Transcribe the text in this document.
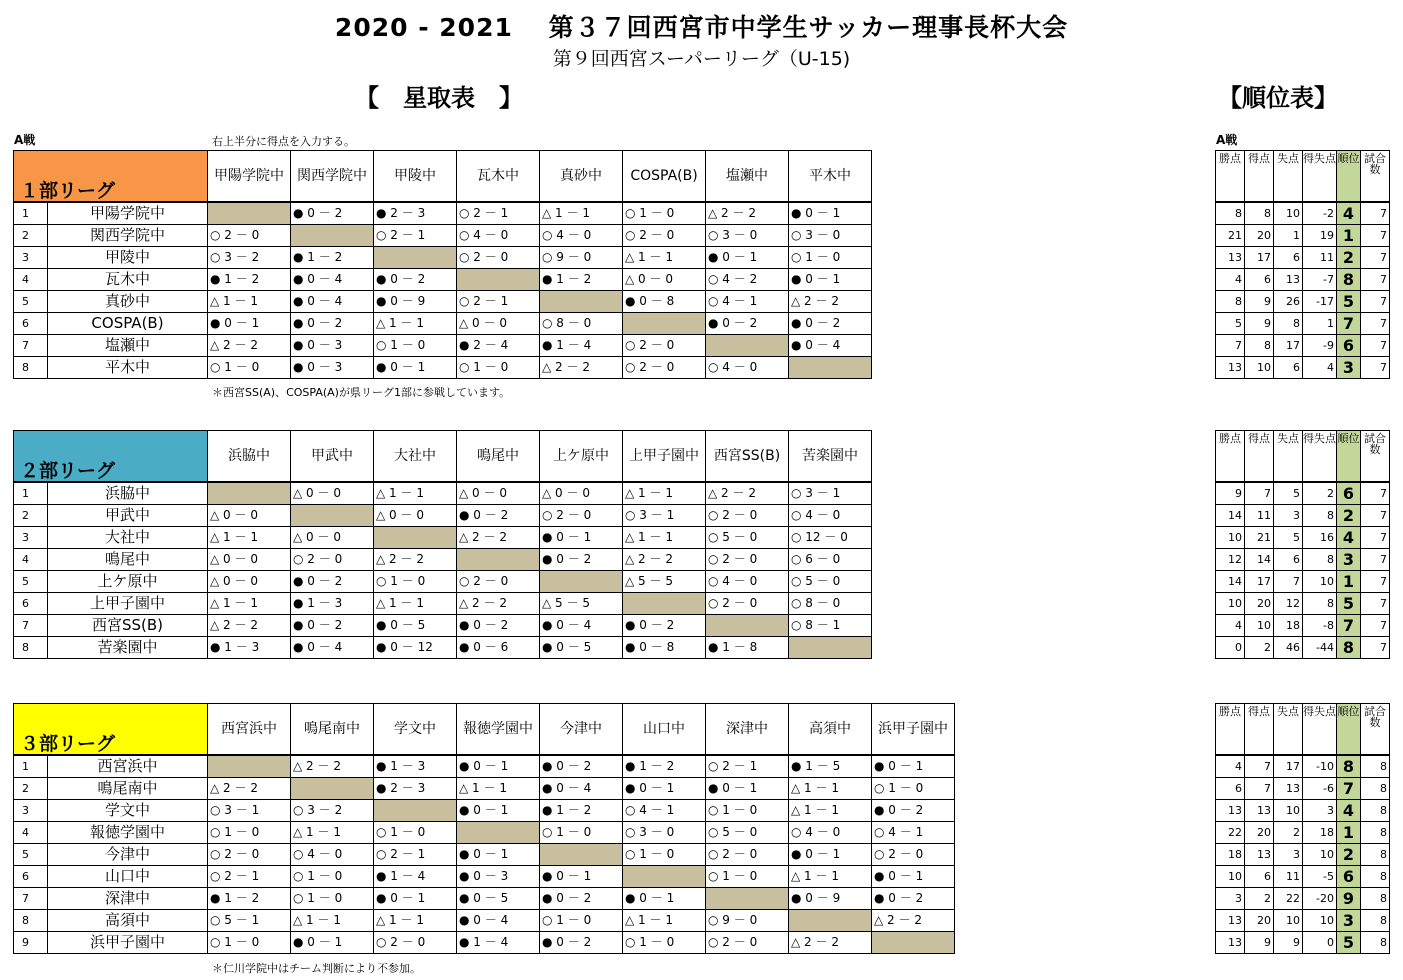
2020 - 2021　 第３７回西宮市中学生サッカー理事長杯大会
第９回西宮スーパーリーグ（U-15)
【　星取表　】	【順位表】
A戦	右上半分に得点を入力する。	A戦
１部リーグ		甲陽学院中	関西学院中	甲陵中	瓦木中	真砂中	COSPA(B)	塩瀬中	平木中
1	甲陽学院中		● 0 － 2	● 2 － 3	○ 2 － 1	△ 1 － 1	○ 1 － 0	△ 2 － 2	● 0 － 1
2	関西学院中	○ 2 － 0		○ 2 － 1	○ 4 － 0	○ 4 － 0	○ 2 － 0	○ 3 － 0	○ 3 － 0
3	甲陵中	○ 3 － 2	● 1 － 2		○ 2 － 0	○ 9 － 0	△ 1 － 1	● 0 － 1	○ 1 － 0
4	瓦木中	● 1 － 2	● 0 － 4	● 0 － 2		● 1 － 2	△ 0 － 0	○ 4 － 2	● 0 － 1
5	真砂中	△ 1 － 1	● 0 － 4	● 0 － 9	○ 2 － 1		● 0 － 8	○ 4 － 1	△ 2 － 2
6	COSPA(B)	● 0 － 1	● 0 － 2	△ 1 － 1	△ 0 － 0	○ 8 － 0		● 0 － 2	● 0 － 2
7	塩瀬中	△ 2 － 2	● 0 － 3	○ 1 － 0	● 2 － 4	● 1 － 4	○ 2 － 0		● 0 － 4
8	平木中	○ 1 － 0	● 0 － 3	● 0 － 1	○ 1 － 0	△ 2 － 2	○ 2 － 0	○ 4 － 0	
勝点	得点	失点	得失点	順位	試合数
8	8	10	-2	4	7
21	20	1	19	1	7
13	17	6	11	2	7
4	6	13	-7	8	7
8	9	26	-17	5	7
5	9	8	1	7	7
7	8	17	-9	6	7
13	10	6	4	3	7
＊西宮SS(A)、COSPA(A)が県リーグ1部に参戦しています。
２部リーグ		浜脇中	甲武中	大社中	鳴尾中	上ケ原中	上甲子園中	西宮SS(B)	苦楽園中
1	浜脇中		△ 0 － 0	△ 1 － 1	△ 0 － 0	△ 0 － 0	△ 1 － 1	△ 2 － 2	○ 3 － 1
2	甲武中	△ 0 － 0		△ 0 － 0	● 0 － 2	○ 2 － 0	○ 3 － 1	○ 2 － 0	○ 4 － 0
3	大社中	△ 1 － 1	△ 0 － 0		△ 2 － 2	● 0 － 1	△ 1 － 1	○ 5 － 0	○ 12 － 0
4	鳴尾中	△ 0 － 0	○ 2 － 0	△ 2 － 2		● 0 － 2	△ 2 － 2	○ 2 － 0	○ 6 － 0
5	上ケ原中	△ 0 － 0	● 0 － 2	○ 1 － 0	○ 2 － 0		△ 5 － 5	○ 4 － 0	○ 5 － 0
6	上甲子園中	△ 1 － 1	● 1 － 3	△ 1 － 1	△ 2 － 2	△ 5 － 5		○ 2 － 0	○ 8 － 0
7	西宮SS(B)	△ 2 － 2	● 0 － 2	● 0 － 5	● 0 － 2	● 0 － 4	● 0 － 2		○ 8 － 1
8	苦楽園中	● 1 － 3	● 0 － 4	● 0 － 12	● 0 － 6	● 0 － 5	● 0 － 8	● 1 － 8	
勝点	得点	失点	得失点	順位	試合数
9	7	5	2	6	7
14	11	3	8	2	7
10	21	5	16	4	7
12	14	6	8	3	7
14	17	7	10	1	7
10	20	12	8	5	7
4	10	18	-8	7	7
0	2	46	-44	8	7
３部リーグ		西宮浜中	鳴尾南中	学文中	報徳学園中	今津中	山口中	深津中	高須中	浜甲子園中
1	西宮浜中		△ 2 － 2	● 1 － 3	● 0 － 1	● 0 － 2	● 1 － 2	○ 2 － 1	● 1 － 5	● 0 － 1
2	鳴尾南中	△ 2 － 2		● 2 － 3	△ 1 － 1	● 0 － 4	● 0 － 1	● 0 － 1	△ 1 － 1	○ 1 － 0
3	学文中	○ 3 － 1	○ 3 － 2		● 0 － 1	● 1 － 2	○ 4 － 1	○ 1 － 0	△ 1 － 1	● 0 － 2
4	報徳学園中	○ 1 － 0	△ 1 － 1	○ 1 － 0		○ 1 － 0	○ 3 － 0	○ 5 － 0	○ 4 － 0	○ 4 － 1
5	今津中	○ 2 － 0	○ 4 － 0	○ 2 － 1	● 0 － 1		○ 1 － 0	○ 2 － 0	● 0 － 1	○ 2 － 0
6	山口中	○ 2 － 1	○ 1 － 0	● 1 － 4	● 0 － 3	● 0 － 1		○ 1 － 0	△ 1 － 1	● 0 － 1
7	深津中	● 1 － 2	○ 1 － 0	● 0 － 1	● 0 － 5	● 0 － 2	● 0 － 1		● 0 － 9	● 0 － 2
8	高須中	○ 5 － 1	△ 1 － 1	△ 1 － 1	● 0 － 4	○ 1 － 0	△ 1 － 1	○ 9 － 0		△ 2 － 2
9	浜甲子園中	○ 1 － 0	● 0 － 1	○ 2 － 0	● 1 － 4	● 0 － 2	○ 1 － 0	○ 2 － 0	△ 2 － 2	
勝点	得点	失点	得失点	順位	試合数
4	7	17	-10	8	8
6	7	13	-6	7	8
13	13	10	3	4	8
22	20	2	18	1	8
18	13	3	10	2	8
10	6	11	-5	6	8
3	2	22	-20	9	8
13	20	10	10	3	8
13	9	9	0	5	8
＊仁川学院中はチーム判断により不参加。
